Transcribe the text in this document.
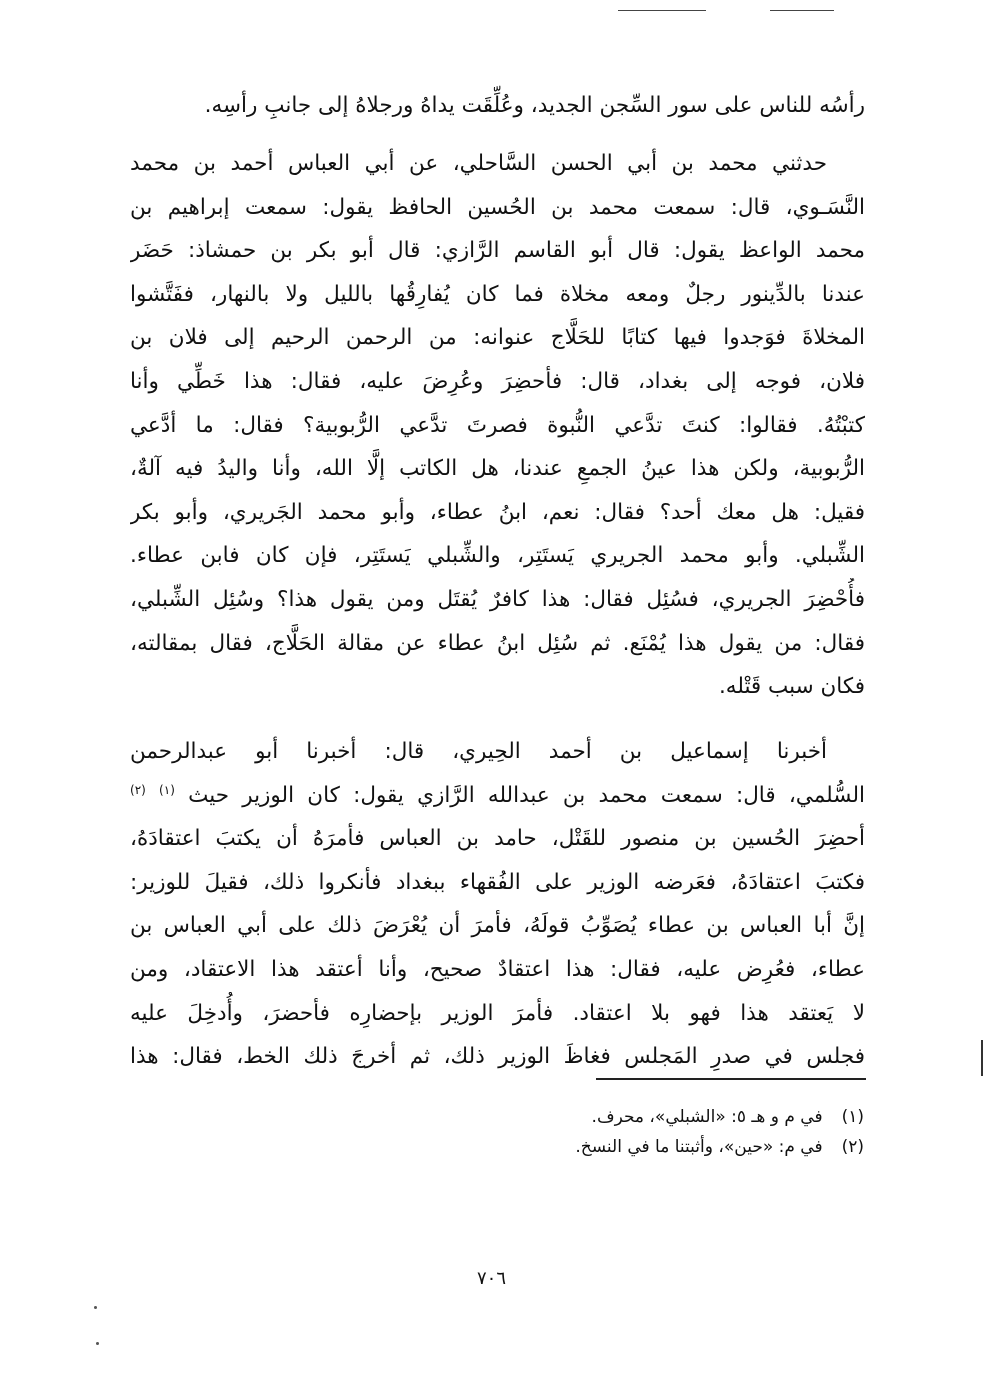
رأسُه للناس على سور السِّجن الجديد، وعُلِّقَت يداهُ ورجلاهُ إلى جانبِ رأسِه.
حدثني محمد بن أبي الحسن السَّاحلي، عن أبي العباس أحمد بن محمد
النَّسَـوي، قال: سمعت محمد بن الحُسين الحافظ يقول: سمعت إبراهيم بن
محمد الواعظ يقول: قال أبو القاسم الرَّازي: قال أبو بكر بن حمشاذ: حَضَر
عندنا بالدِّينور رجلٌ ومعه مخلاة فما كان يُفارِقُها بالليل ولا بالنهار، ففَتَّشوا
المخلاةَ فوَجدوا فيها كتابًا للحَلَّاج عنوانه: من الرحمن الرحيم إلى فلان بن
فلان، فوجه إلى بغداد، قال: فأحضِرَ وعُرِضَ عليه، فقال: هذا خَطِّي وأنا
كتبْتُهُ. فقالوا: كنتَ تدَّعي النُّبوة فصرتَ تدَّعي الرُّبوبية؟ فقال: ما أدَّعي
الرُّبوبية، ولكن هذا عينُ الجمعِ عندنا، هل الكاتب إلَّا الله، وأنا واليدُ فيه آلةٌ،
فقيل: هل معك أحد؟ فقال: نعم، ابنُ عطاء، وأبو محمد الجَريري، وأبو بكر
الشِّبلي. وأبو محمد الجريري يَستَتِر، والشِّبلي يَستَتِر، فإن كان فابن عطاء.
فأُحْضِرَ الجريري، فسُئِل فقال: هذا كافرٌ يُقتَل ومن يقول هذا؟ وسُئِل الشِّبلي،
فقال: من يقول هذا يُمْنَع. ثم سُئِل ابنُ عطاء عن مقالة الحَلَّاج، فقال بمقالته،
فكان سبب قَتْله.
أخبرنا إسماعيل بن أحمد الحِيري، قال: أخبرنا أبو عبدالرحمن
السُّلمي، قال: سمعت محمد بن عبدالله الرَّازي يقول: كان الوزير حيث $^{(١)}$ $^{(٢)}$
أحضِرَ الحُسين بن منصور للقَتْل، حامد بن العباس فأمرَهُ أن يكتبَ اعتقادَهُ،
فكتبَ اعتقادَهُ، فعَرضه الوزير على الفُقهاء ببغداد فأنكروا ذلك، فقيلَ للوزير:
إنَّ أبا العباس بن عطاء يُصَوِّبُ قولَهُ، فأمرَ أن يُعْرَضَ ذلك على أبي العباس بن
عطاء، فعُرِض عليه، فقال: هذا اعتقادٌ صحيح، وأنا أعتقد هذا الاعتقاد، ومن
لا يَعتقد هذا فهو بلا اعتقاد. فأمرَ الوزير بإحضارِه فأحضرَ، وأُدخِلَ عليه
فجلس في صدرِ المَجلس فغاظَ الوزير ذلك، ثم أخرجَ ذلك الخط، فقال: هذا
(١) في م و هـ ٥: «الشبلي»، محرف.
(٢) في م: «حين»، وأثبتنا ما في النسخ.
٧٠٦
